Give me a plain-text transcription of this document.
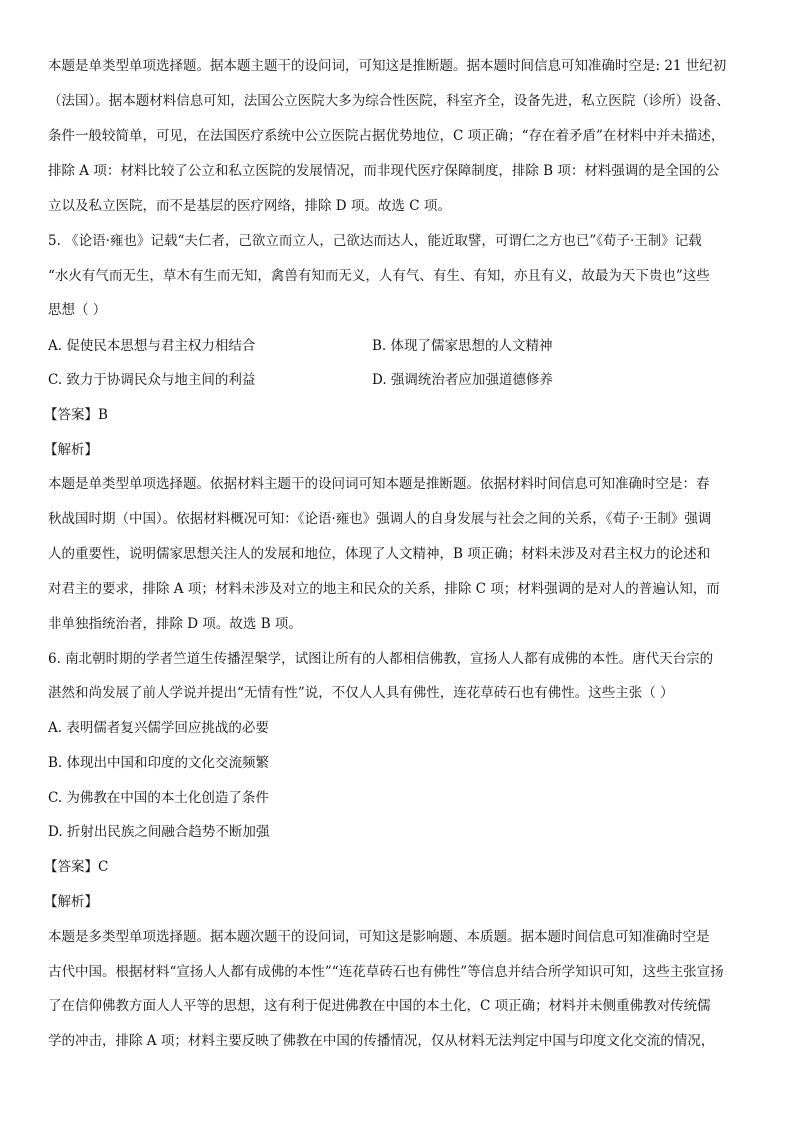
本题是单类型单项选择题。据本题主题干的设问词，可知这是推断题。据本题时间信息可知准确时空是: 21 世纪初
（法国）。据本题材料信息可知，法国公立医院大多为综合性医院，科室齐全，设备先进，私立医院（诊所）设备、
条件一般较简单，可见，在法国医疗系统中公立医院占据优势地位，C 项正确；“存在着矛盾”在材料中并未描述，
排除 A 项：材料比较了公立和私立医院的发展情况，而非现代医疗保障制度，排除 B 项：材料强调的是全国的公
立以及私立医院，而不是基层的医疗网络，排除 D 项。故选 C 项。
5. 《论语·雍也》记载“夫仁者，己欲立而立人，己欲达而达人，能近取譬，可谓仁之方也已”《荀子·王制》记载
“水火有气而无生，草木有生而无知，禽兽有知而无义，人有气、有生、有知，亦且有义，故最为天下贵也”这些
思想（ ）
A. 促使民本思想与君主权力相结合	B. 体现了儒家思想的人文精神
C. 致力于协调民众与地主间的利益	D. 强调统治者应加强道德修养
【答案】B
【解析】
本题是单类型单项选择题。依据材料主题干的设问词可知本题是推断题。依据材料时间信息可知准确时空是：春
秋战国时期（中国）。依据材料概况可知：《论语·雍也》强调人的自身发展与社会之间的关系，《荀子·王制》强调
人的重要性，说明儒家思想关注人的发展和地位，体现了人文精神，B 项正确；材料未涉及对君主权力的论述和
对君主的要求，排除 A 项；材料未涉及对立的地主和民众的关系，排除 C 项；材料强调的是对人的普遍认知，而
非单独指统治者，排除 D 项。故选 B 项。
6. 南北朝时期的学者竺道生传播涅槃学，试图让所有的人都相信佛教，宣扬人人都有成佛的本性。唐代天台宗的
湛然和尚发展了前人学说并提出“无情有性”说，不仅人人具有佛性，连花草砖石也有佛性。这些主张（ ）
A. 表明儒者复兴儒学回应挑战的必要
B. 体现出中国和印度的文化交流频繁
C. 为佛教在中国的本土化创造了条件
D. 折射出民族之间融合趋势不断加强
【答案】C
【解析】
本题是多类型单项选择题。据本题次题干的设问词，可知这是影响题、本质题。据本题时间信息可知准确时空是
古代中国。根据材料“宣扬人人都有成佛的本性”“连花草砖石也有佛性”等信息并结合所学知识可知，这些主张宣扬
了在信仰佛教方面人人平等的思想，这有利于促进佛教在中国的本土化，C 项正确；材料并未侧重佛教对传统儒
学的冲击，排除 A 项；材料主要反映了佛教在中国的传播情况，仅从材料无法判定中国与印度文化交流的情况，
